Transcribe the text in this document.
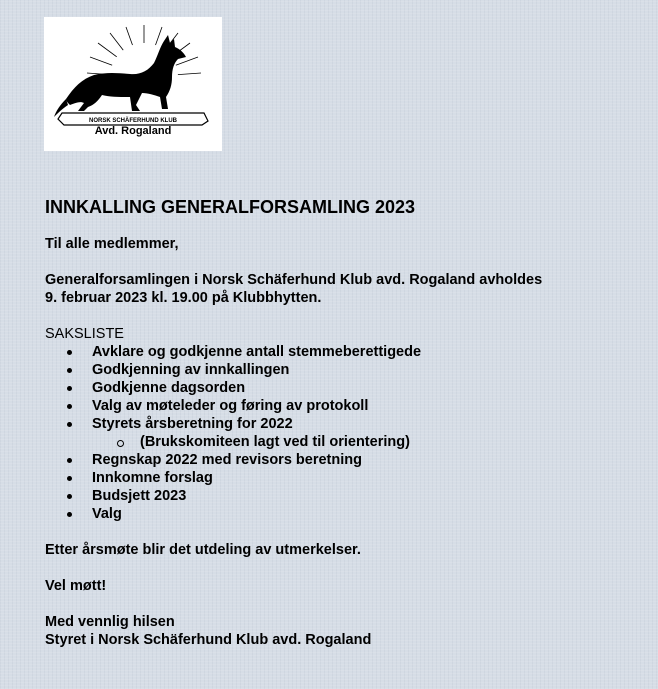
NORSK SCHÄFERHUND KLUB
Avd. Rogaland
INNKALLING GENERALFORSAMLING 2023

Til alle medlemmer,

Generalforsamlingen i Norsk Schäferhund Klub avd. Rogaland avholdes

9. februar 2023 kl. 19.00 på Klubbhytten.

SAKSLISTE

Avklare og godkjenne antall stemmeberettigede
Godkjenning av innkallingen
Godkjenne dagsorden
Valg av møteleder og føring av protokoll
Styrets årsberetning for 2022
(Brukskomiteen lagt ved til orientering)
Regnskap 2022 med revisors beretning
Innkomne forslag
Budsjett 2023
Valg

Etter årsmøte blir det utdeling av utmerkelser.

Vel møtt!

Med vennlig hilsen

Styret i Norsk Schäferhund Klub avd. Rogaland
